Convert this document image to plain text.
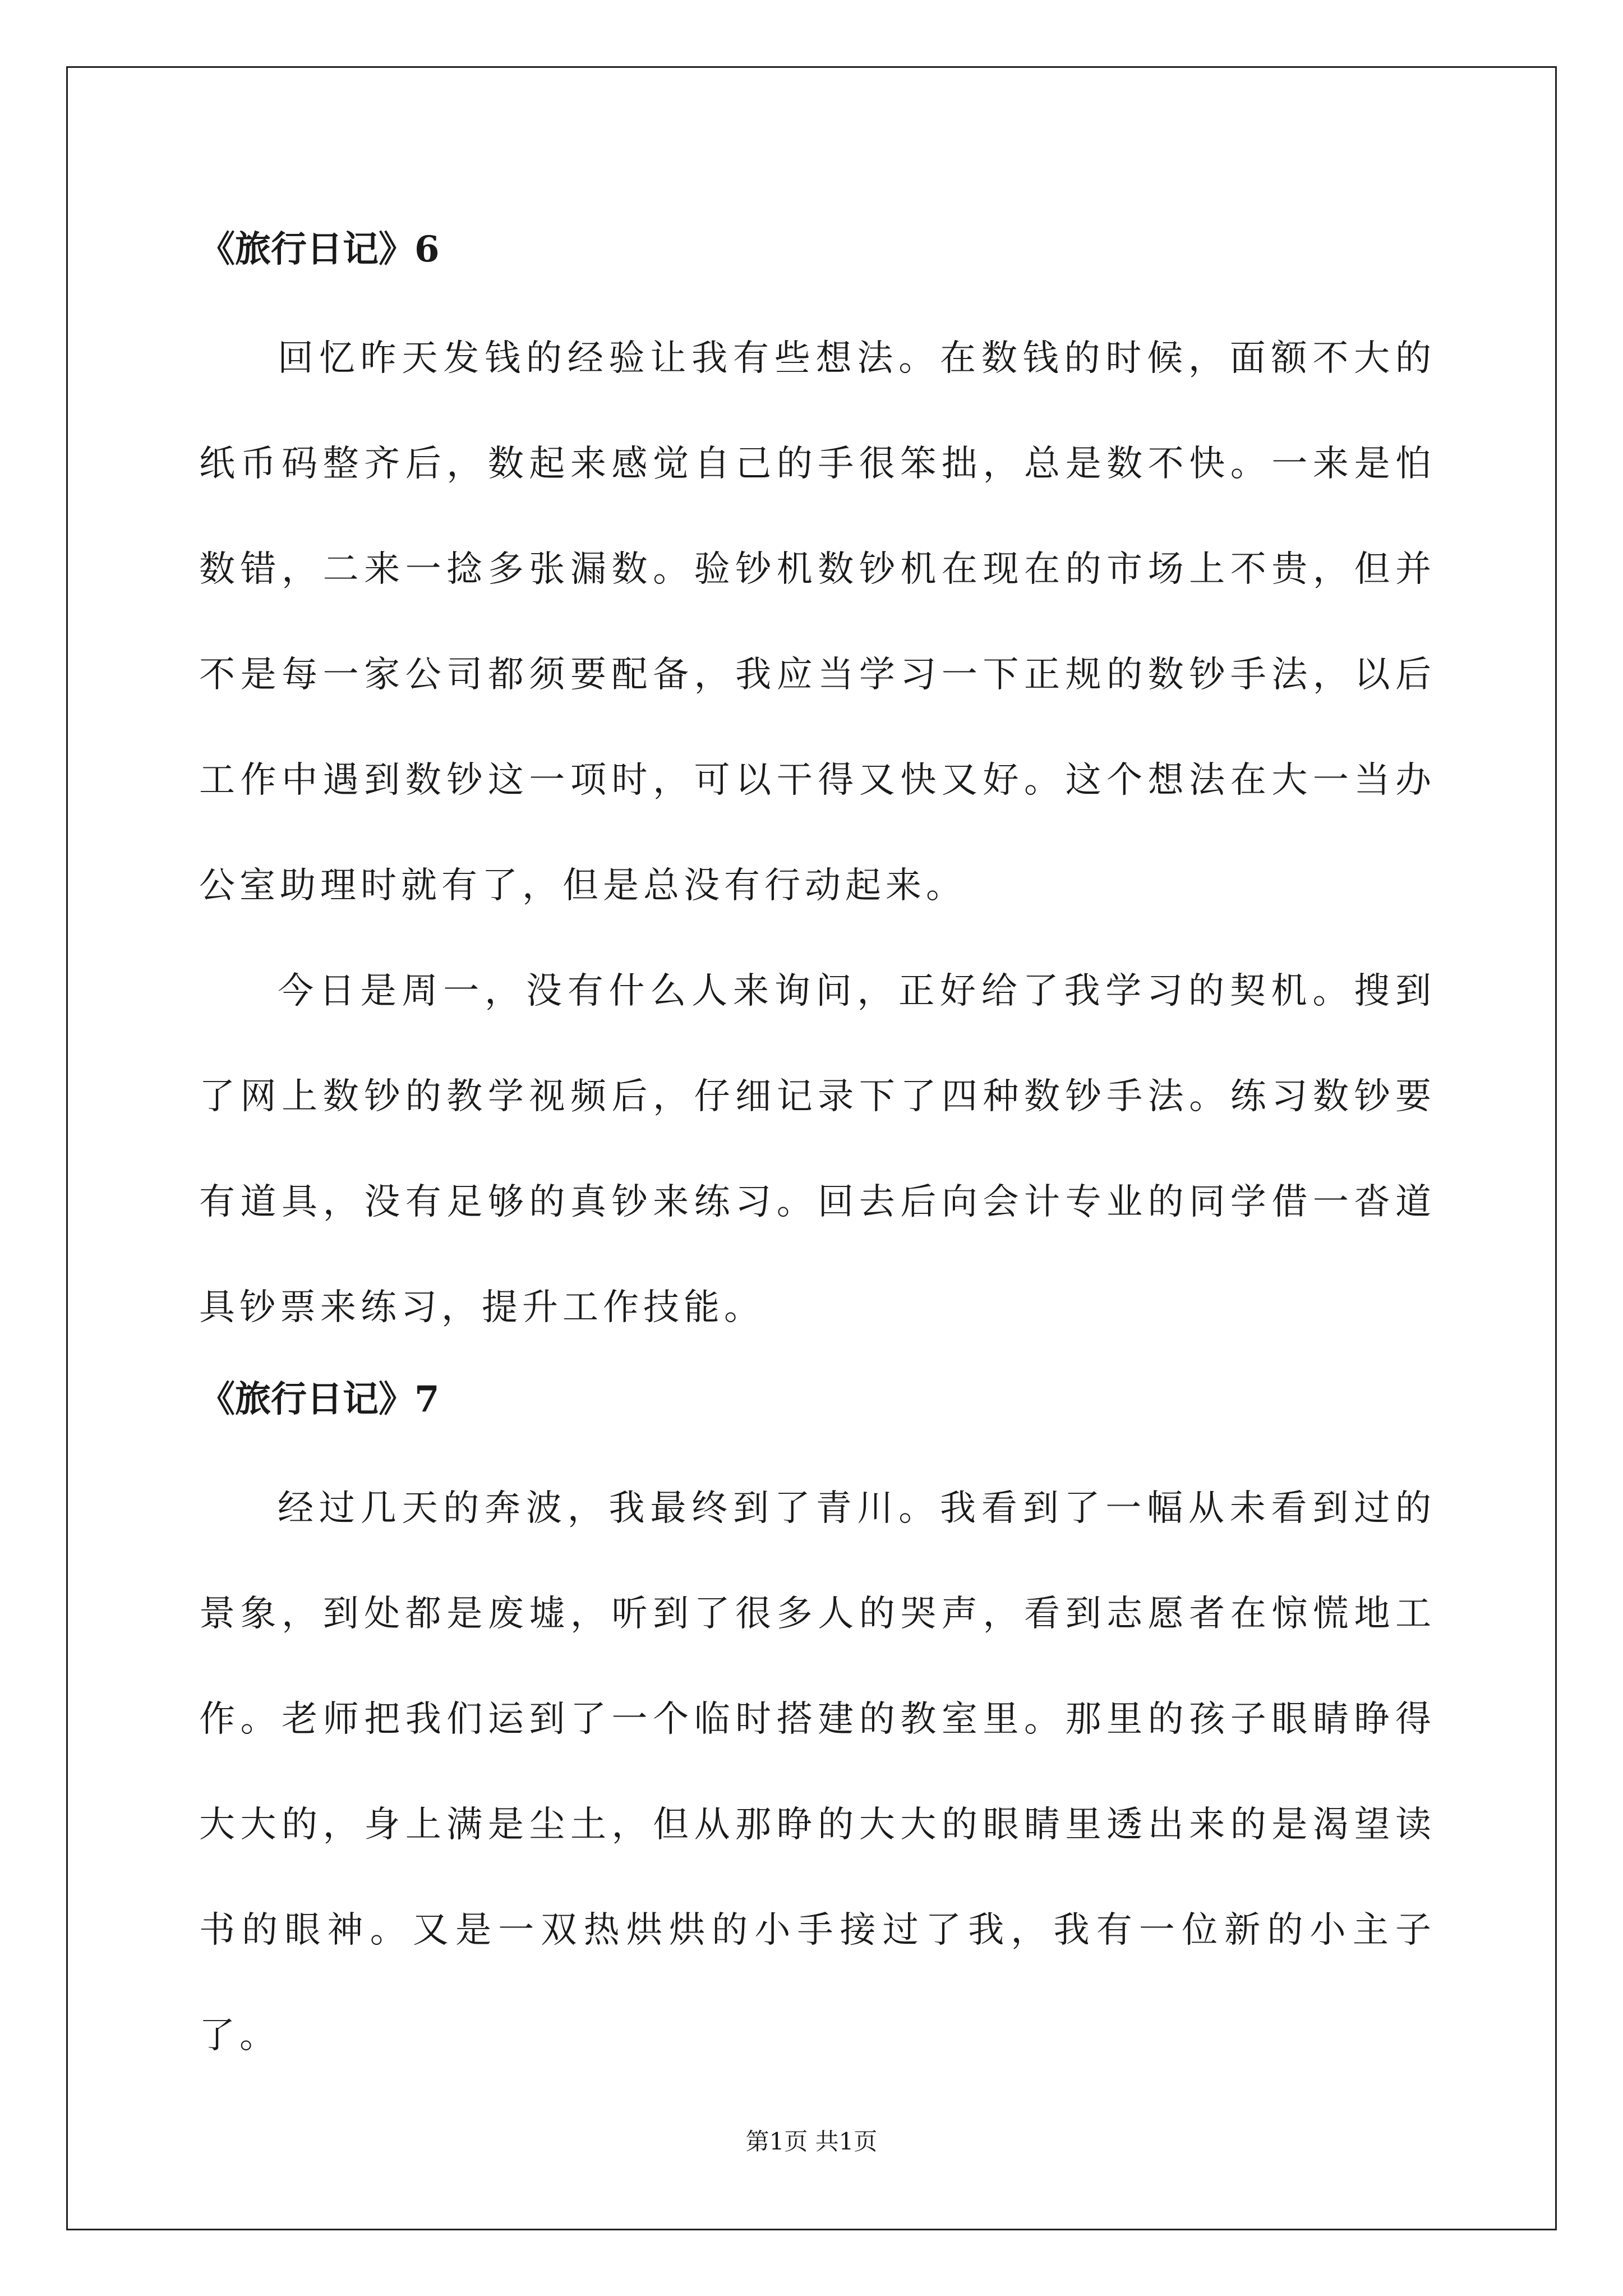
《旅行日记》6

回忆昨天发钱的经验让我有些想法。在数钱的时候，面额不大的纸币码整齐后，数起来感觉自己的手很笨拙，总是数不快。一来是怕数错，二来一捻多张漏数。验钞机数钞机在现在的市场上不贵，但并不是每一家公司都须要配备，我应当学习一下正规的数钞手法，以后工作中遇到数钞这一项时，可以干得又快又好。这个想法在大一当办公室助理时就有了，但是总没有行动起来。

今日是周一，没有什么人来询问，正好给了我学习的契机。搜到了网上数钞的教学视频后，仔细记录下了四种数钞手法。练习数钞要有道具，没有足够的真钞来练习。回去后向会计专业的同学借一沓道具钞票来练习，提升工作技能。

《旅行日记》7

经过几天的奔波，我最终到了青川。我看到了一幅从未看到过的景象，到处都是废墟，听到了很多人的哭声，看到志愿者在惊慌地工作。老师把我们运到了一个临时搭建的教室里。那里的孩子眼睛睁得大大的，身上满是尘土，但从那睁的大大的眼睛里透出来的是渴望读书的眼神。又是一双热烘烘的小手接过了我，我有一位新的小主子了。

第1页 共1页
